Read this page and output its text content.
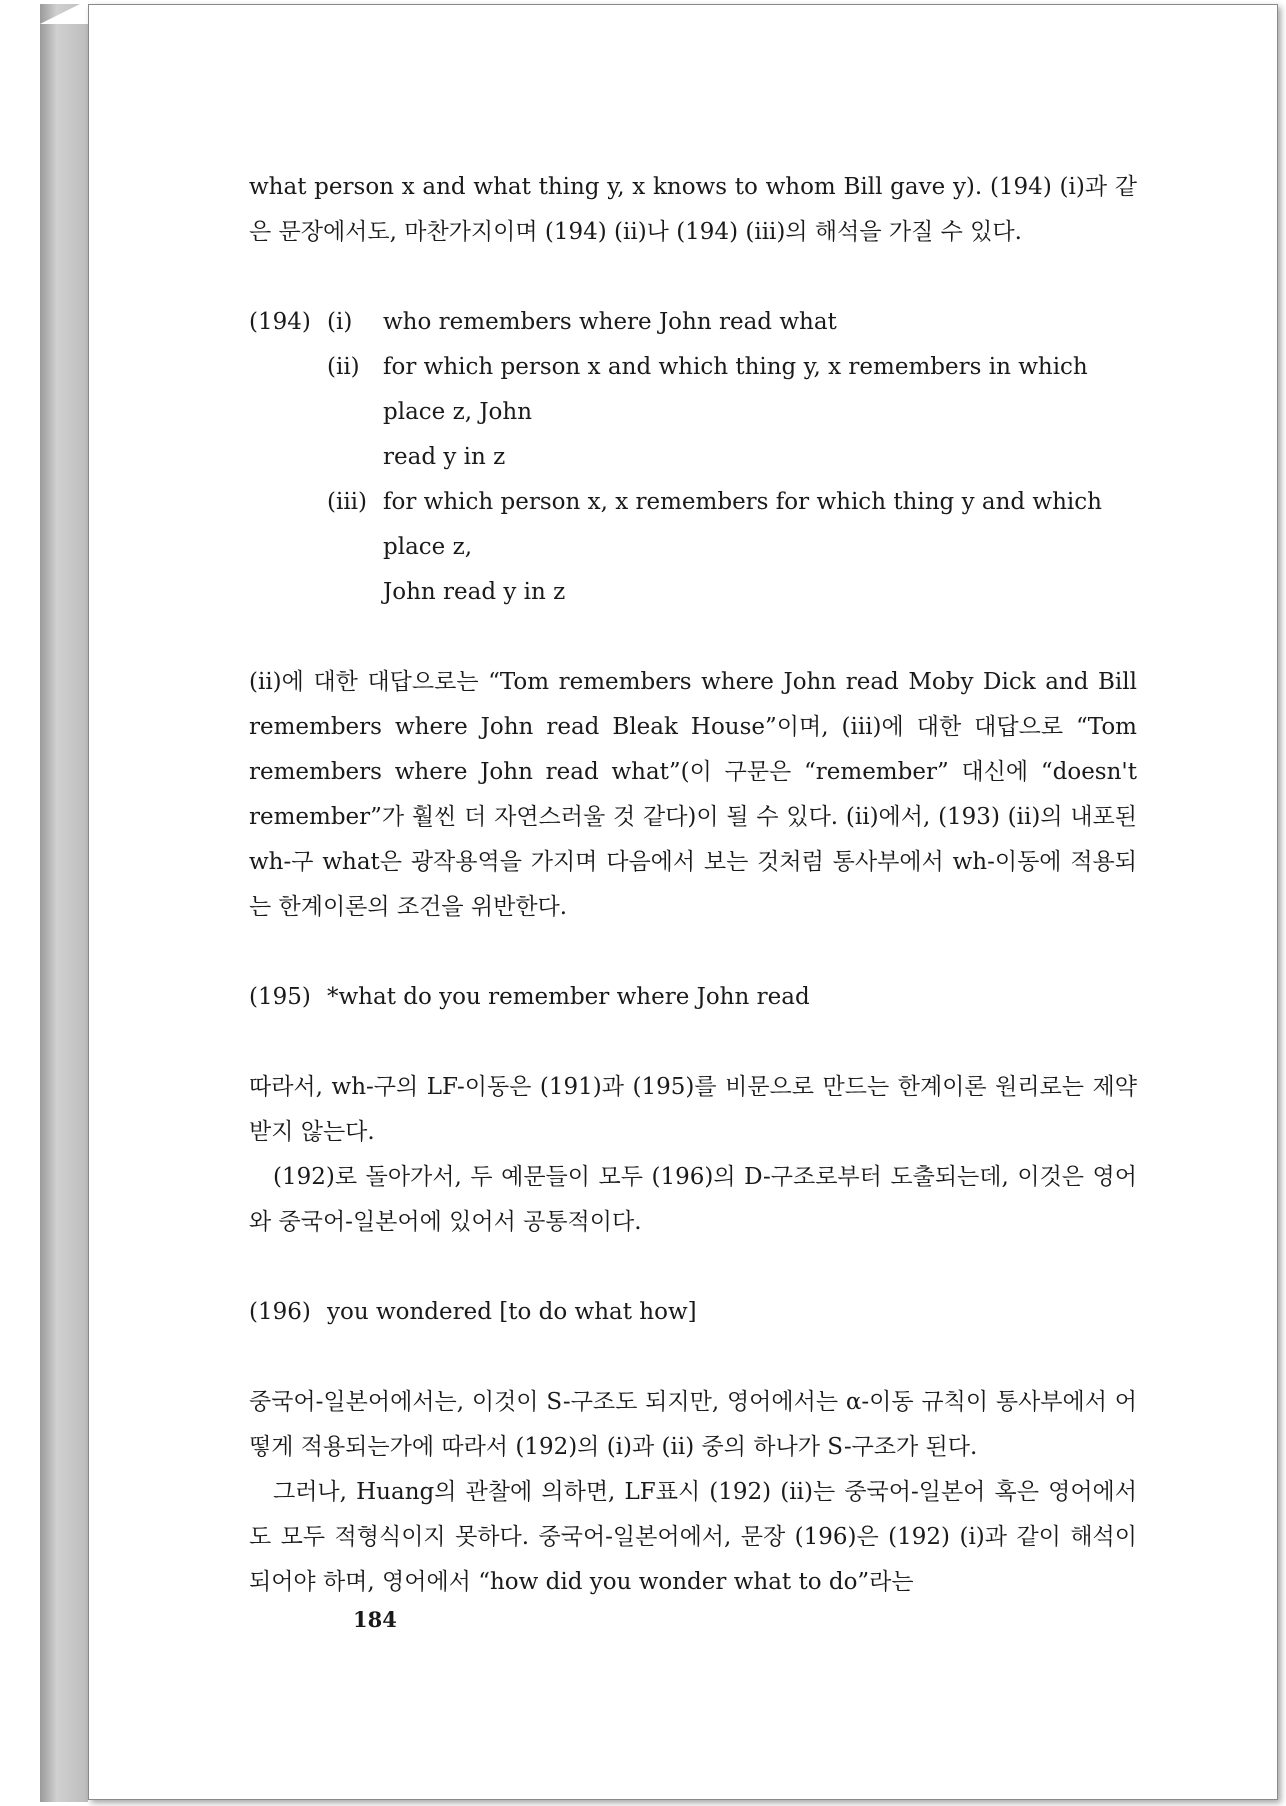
what person x and what thing y, x knows to whom Bill gave y). (194) (i)과 같은 문장에서도, 마찬가지이며 (194) (ii)나 (194) (iii)의 해석을 가질 수 있다.

(194) (i)	who remembers where John read what
(ii)	for which person x and which thing y, x remembers in which place z, John
read y in z
(iii) for which person x, x remembers for which thing y and which place z,
John read y in z

(ii)에 대한 대답으로는 “Tom remembers where John read Moby Dick and Bill remembers where John read Bleak House”이며, (iii)에 대한 대답으로 “Tom remembers where John read what”(이 구문은 “remember” 대신에 “doesn't remember”가 훨씬 더 자연스러울 것 같다)이 될 수 있다. (ii)에서, (193) (ii)의 내포된 wh-구 what은 광작용역을 가지며 다음에서 보는 것처럼 통사부에서 wh-이동에 적용되는 한계이론의 조건을 위반한다.

(195) *what do you remember where John read

따라서, wh-구의 LF-이동은 (191)과 (195)를 비문으로 만드는 한계이론 원리로는 제약받지 않는다.

(192)로 돌아가서, 두 예문들이 모두 (196)의 D-구조로부터 도출되는데, 이것은 영어와 중국어-일본어에 있어서 공통적이다.

(196) you wondered [to do what how]

중국어-일본어에서는, 이것이 S-구조도 되지만, 영어에서는 α-이동 규칙이 통사부에서 어떻게 적용되는가에 따라서 (192)의 (i)과 (ii) 중의 하나가 S-구조가 된다.

그러나, Huang의 관찰에 의하면, LF표시 (192) (ii)는 중국어-일본어 혹은 영어에서도 모두 적형식이지 못하다. 중국어-일본어에서, 문장 (196)은 (192) (i)과 같이 해석이 되어야 하며, 영어에서 “how did you wonder what to do”라는

184
